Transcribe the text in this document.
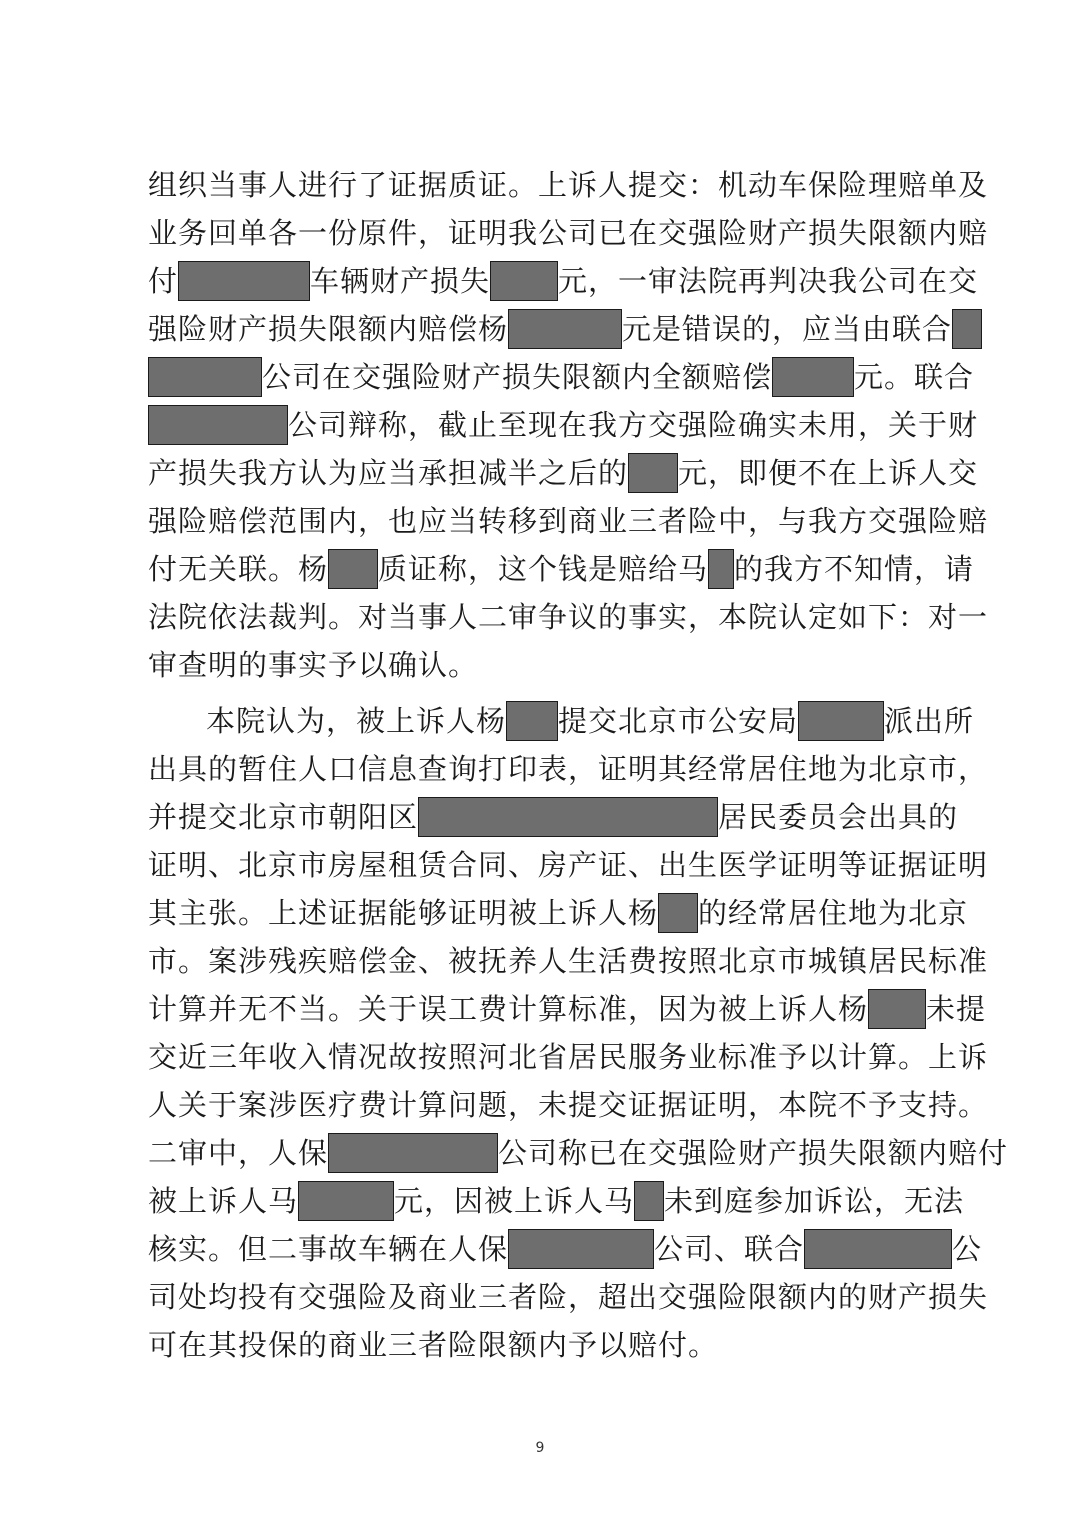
组织当事人进行了证据质证。上诉人提交：机动车保险理赔单及
业务回单各一份原件，证明我公司已在交强险财产损失限额内赔
付	车辆财产损失 元，一审法院再判决我公司在交
强险财产损失限额内赔偿杨	元是错误的，应当由联合
公司在交强险财产损失限额内全额赔偿	元。联合
公司辩称，截止至现在我方交强险确实未用，关于财
产损失我方认为应当承担减半之后的 元，即便不在上诉人交
强险赔偿范围内，也应当转移到商业三者险中，与我方交强险赔
付无关联。杨 质证称，这个钱是赔给马 的我方不知情，请
法院依法裁判。对当事人二审争议的事实，本院认定如下：对一
审查明的事实予以确认。
本院认为，被上诉人杨 提交北京市公安局	派出所
出具的暂住人口信息查询打印表，证明其经常居住地为北京市，
并提交北京市朝阳区	居民委员会出具的
证明、北京市房屋租赁合同、房产证、出生医学证明等证据证明
其主张。上述证据能够证明被上诉人杨 的经常居住地为北京
市。案涉残疾赔偿金、被抚养人生活费按照北京市城镇居民标准
计算并无不当。关于误工费计算标准，因为被上诉人杨 未提
交近三年收入情况故按照河北省居民服务业标准予以计算。上诉
人关于案涉医疗费计算问题，未提交证据证明，本院不予支持。
二审中，人保	公司称已在交强险财产损失限额内赔付
被上诉人马	元，因被上诉人马 未到庭参加诉讼，无法
核实。但二事故车辆在人保	公司、联合	公
司处均投有交强险及商业三者险，超出交强险限额内的财产损失
可在其投保的商业三者险限额内予以赔付。
9
